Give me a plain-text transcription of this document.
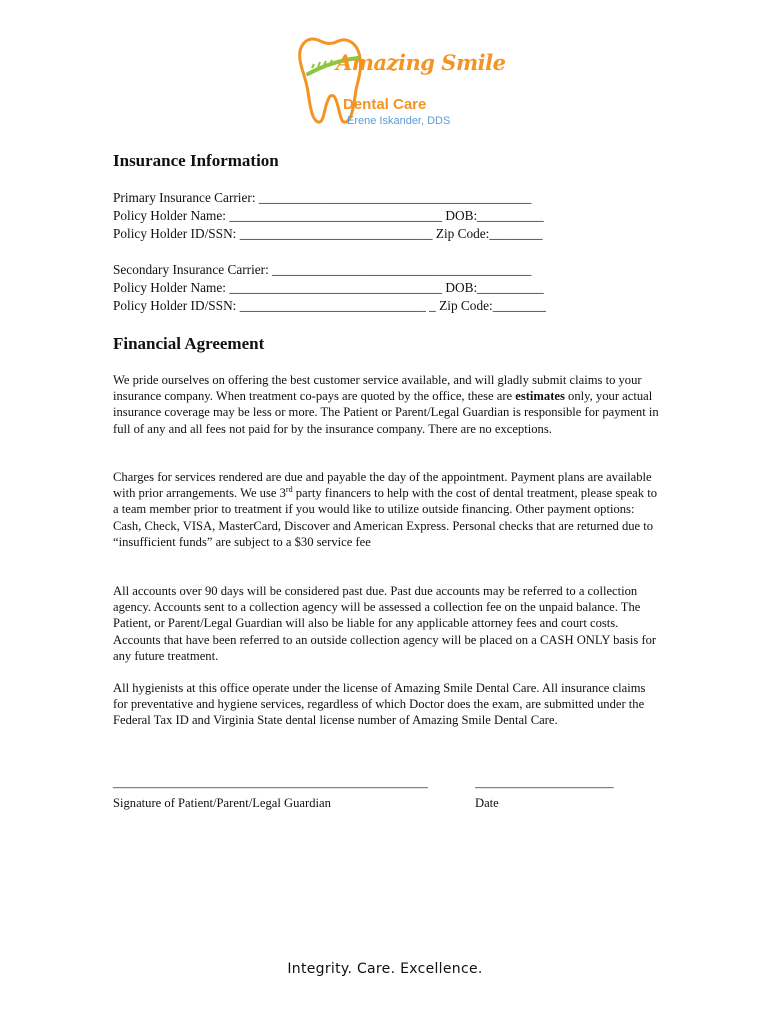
Amazing Smile
Dental Care
Erene Iskander, DDS
Insurance Information
Primary Insurance Carrier: _________________________________________
Policy Holder Name: ________________________________ DOB:__________
Policy Holder ID/SSN: _____________________________ Zip Code:________
Secondary Insurance Carrier: _______________________________________
Policy Holder Name: ________________________________ DOB:__________
Policy Holder ID/SSN: ____________________________ _ Zip Code:________
Financial Agreement

We pride ourselves on offering the best customer service available, and will gladly submit claims to your insurance company. When treatment co-pays are quoted by the office, these are estimates only, your actual insurance coverage may be less or more. The Patient or Parent/Legal Guardian is responsible for payment in full of any and all fees not paid for by the insurance company. There are no exceptions.

Charges for services rendered are due and payable the day of the appointment. Payment plans are available with prior arrangements. We use 3rd party financers to help with the cost of dental treatment, please speak to a team member prior to treatment if you would like to utilize outside financing. Other payment options: Cash, Check, VISA, MasterCard, Discover and American Express. Personal checks that are returned due to “insufficient funds” are subject to a $30 service fee

All accounts over 90 days will be considered past due. Past due accounts may be referred to a collection agency. Accounts sent to a collection agency will be assessed a collection fee on the unpaid balance. The Patient, or Parent/Legal Guardian will also be liable for any applicable attorney fees and court costs. Accounts that have been referred to an outside collection agency will be placed on a CASH ONLY basis for any future treatment.

All hygienists at this office operate under the license of Amazing Smile Dental Care. All insurance claims for preventative and hygiene services, regardless of which Doctor does the exam, are submitted under the Federal Tax ID and Virginia State dental license number of Amazing Smile Dental Care.

—————————————————————————
Signature of Patient/Parent/Legal Guardian
———————————
Date
Integrity. Care. Excellence.
